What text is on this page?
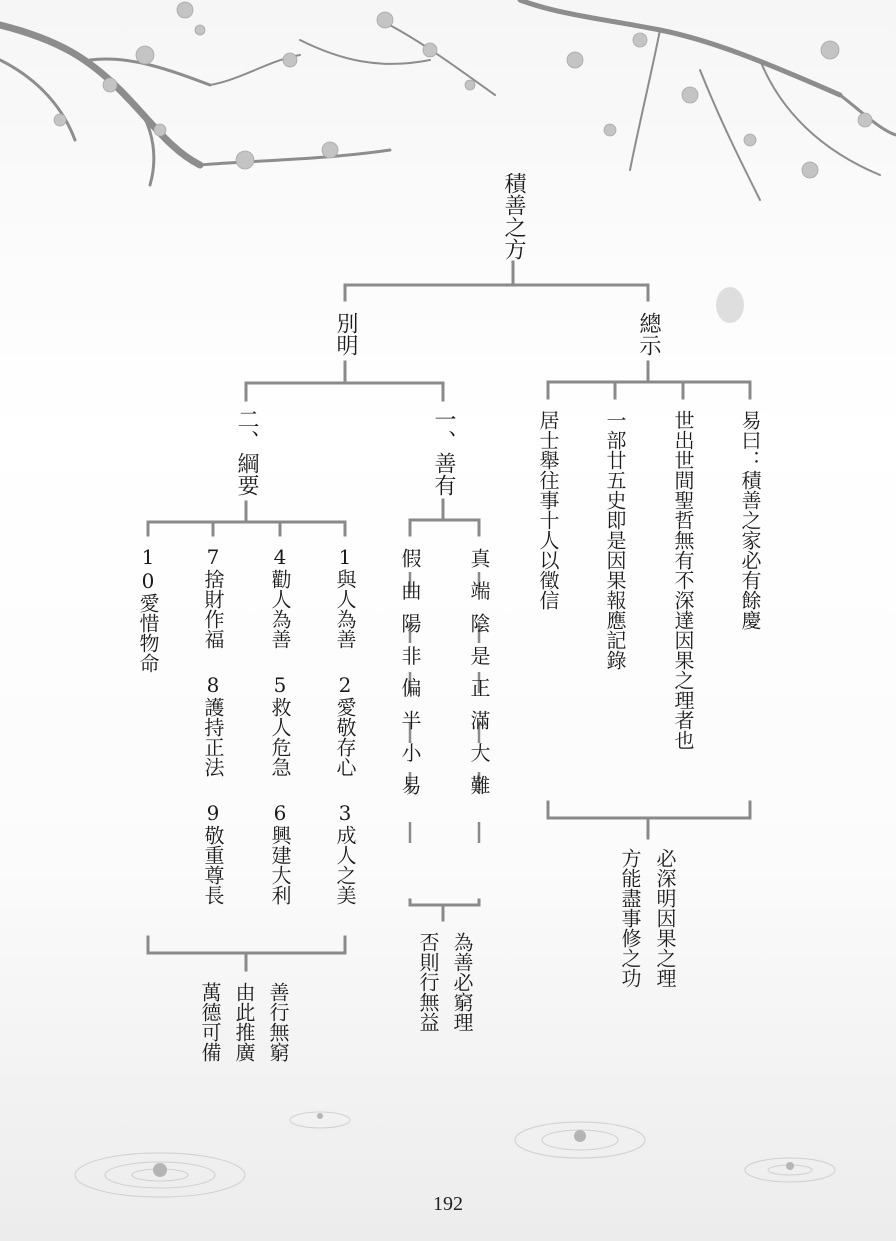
積善之方
別明	總示
二、綱要	一、善有
1與人為善
2愛敬存心
3成人之美
4勸人為善
5救人危急
6興建大利
7捨財作福
8護持正法
9敬重尊長
10愛惜物命
善行無窮
由此推廣
萬德可備
真端陰是正滿大難
假曲陽非偏半小易
為善必窮理
否則行無益
易曰：積善之家必有餘慶
世出世間聖哲無有不深達因果之理者也
一部廿五史即是因果報應記錄
居士舉往事十人以徵信
必深明因果之理
方能盡事修之功
192
